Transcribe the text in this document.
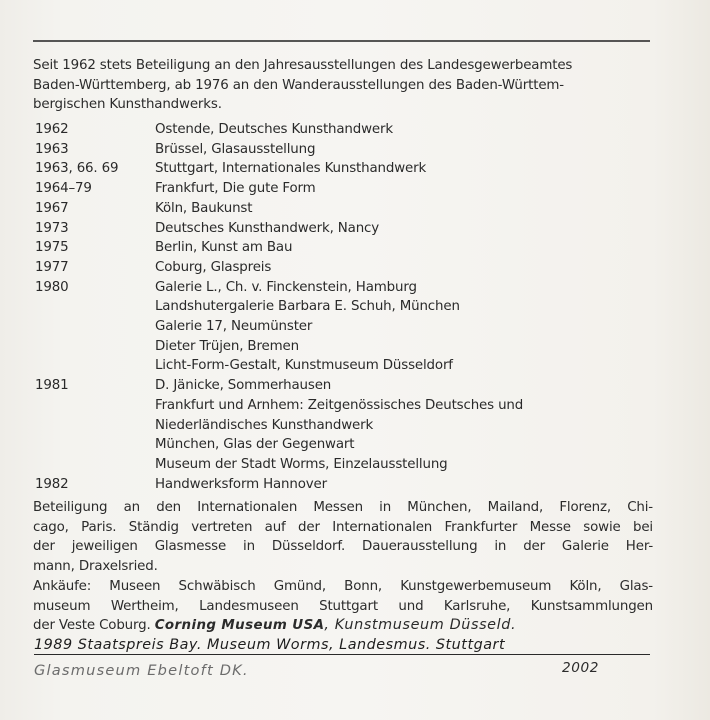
Seit 1962 stets Beteiligung an den Jahresausstellungen des Landesgewerbeamtes
Baden-Württemberg, ab 1976 an den Wanderausstellungen des Baden-Württem-
bergischen Kunsthandwerks.
1962	Ostende, Deutsches Kunsthandwerk
1963	Brüssel, Glasausstellung
1963, 66. 69	Stuttgart, Internationales Kunsthandwerk
1964–79	Frankfurt, Die gute Form
1967	Köln, Baukunst
1973	Deutsches Kunsthandwerk, Nancy
1975	Berlin, Kunst am Bau
1977	Coburg, Glaspreis
1980	Galerie L., Ch. v. Finckenstein, Hamburg
Landshutergalerie Barbara E. Schuh, München
Galerie 17, Neumünster
Dieter Trüjen, Bremen
Licht-Form-Gestalt, Kunstmuseum Düsseldorf
1981	D. Jänicke, Sommerhausen
Frankfurt und Arnhem: Zeitgenössisches Deutsches und
Niederländisches Kunsthandwerk
München, Glas der Gegenwart
Museum der Stadt Worms, Einzelausstellung
1982	Handwerksform Hannover
Beteiligung an den Internationalen Messen in München, Mailand, Florenz, Chi-
cago, Paris. Ständig vertreten auf der Internationalen Frankfurter Messe sowie bei
der jeweiligen Glasmesse in Düsseldorf. Dauerausstellung in der Galerie Her-
mann, Draxelsried.
Ankäufe: Museen Schwäbisch Gmünd, Bonn, Kunstgewerbemuseum Köln, Glas-
museum Wertheim, Landesmuseen Stuttgart und Karlsruhe, Kunstsammlungen
der Veste Coburg. Corning Museum USA, Kunstmuseum Düsseld.
1989 Staatspreis Bay. Museum Worms, Landesmus. Stuttgart
Glasmuseum Ebeltoft DK.	2002
